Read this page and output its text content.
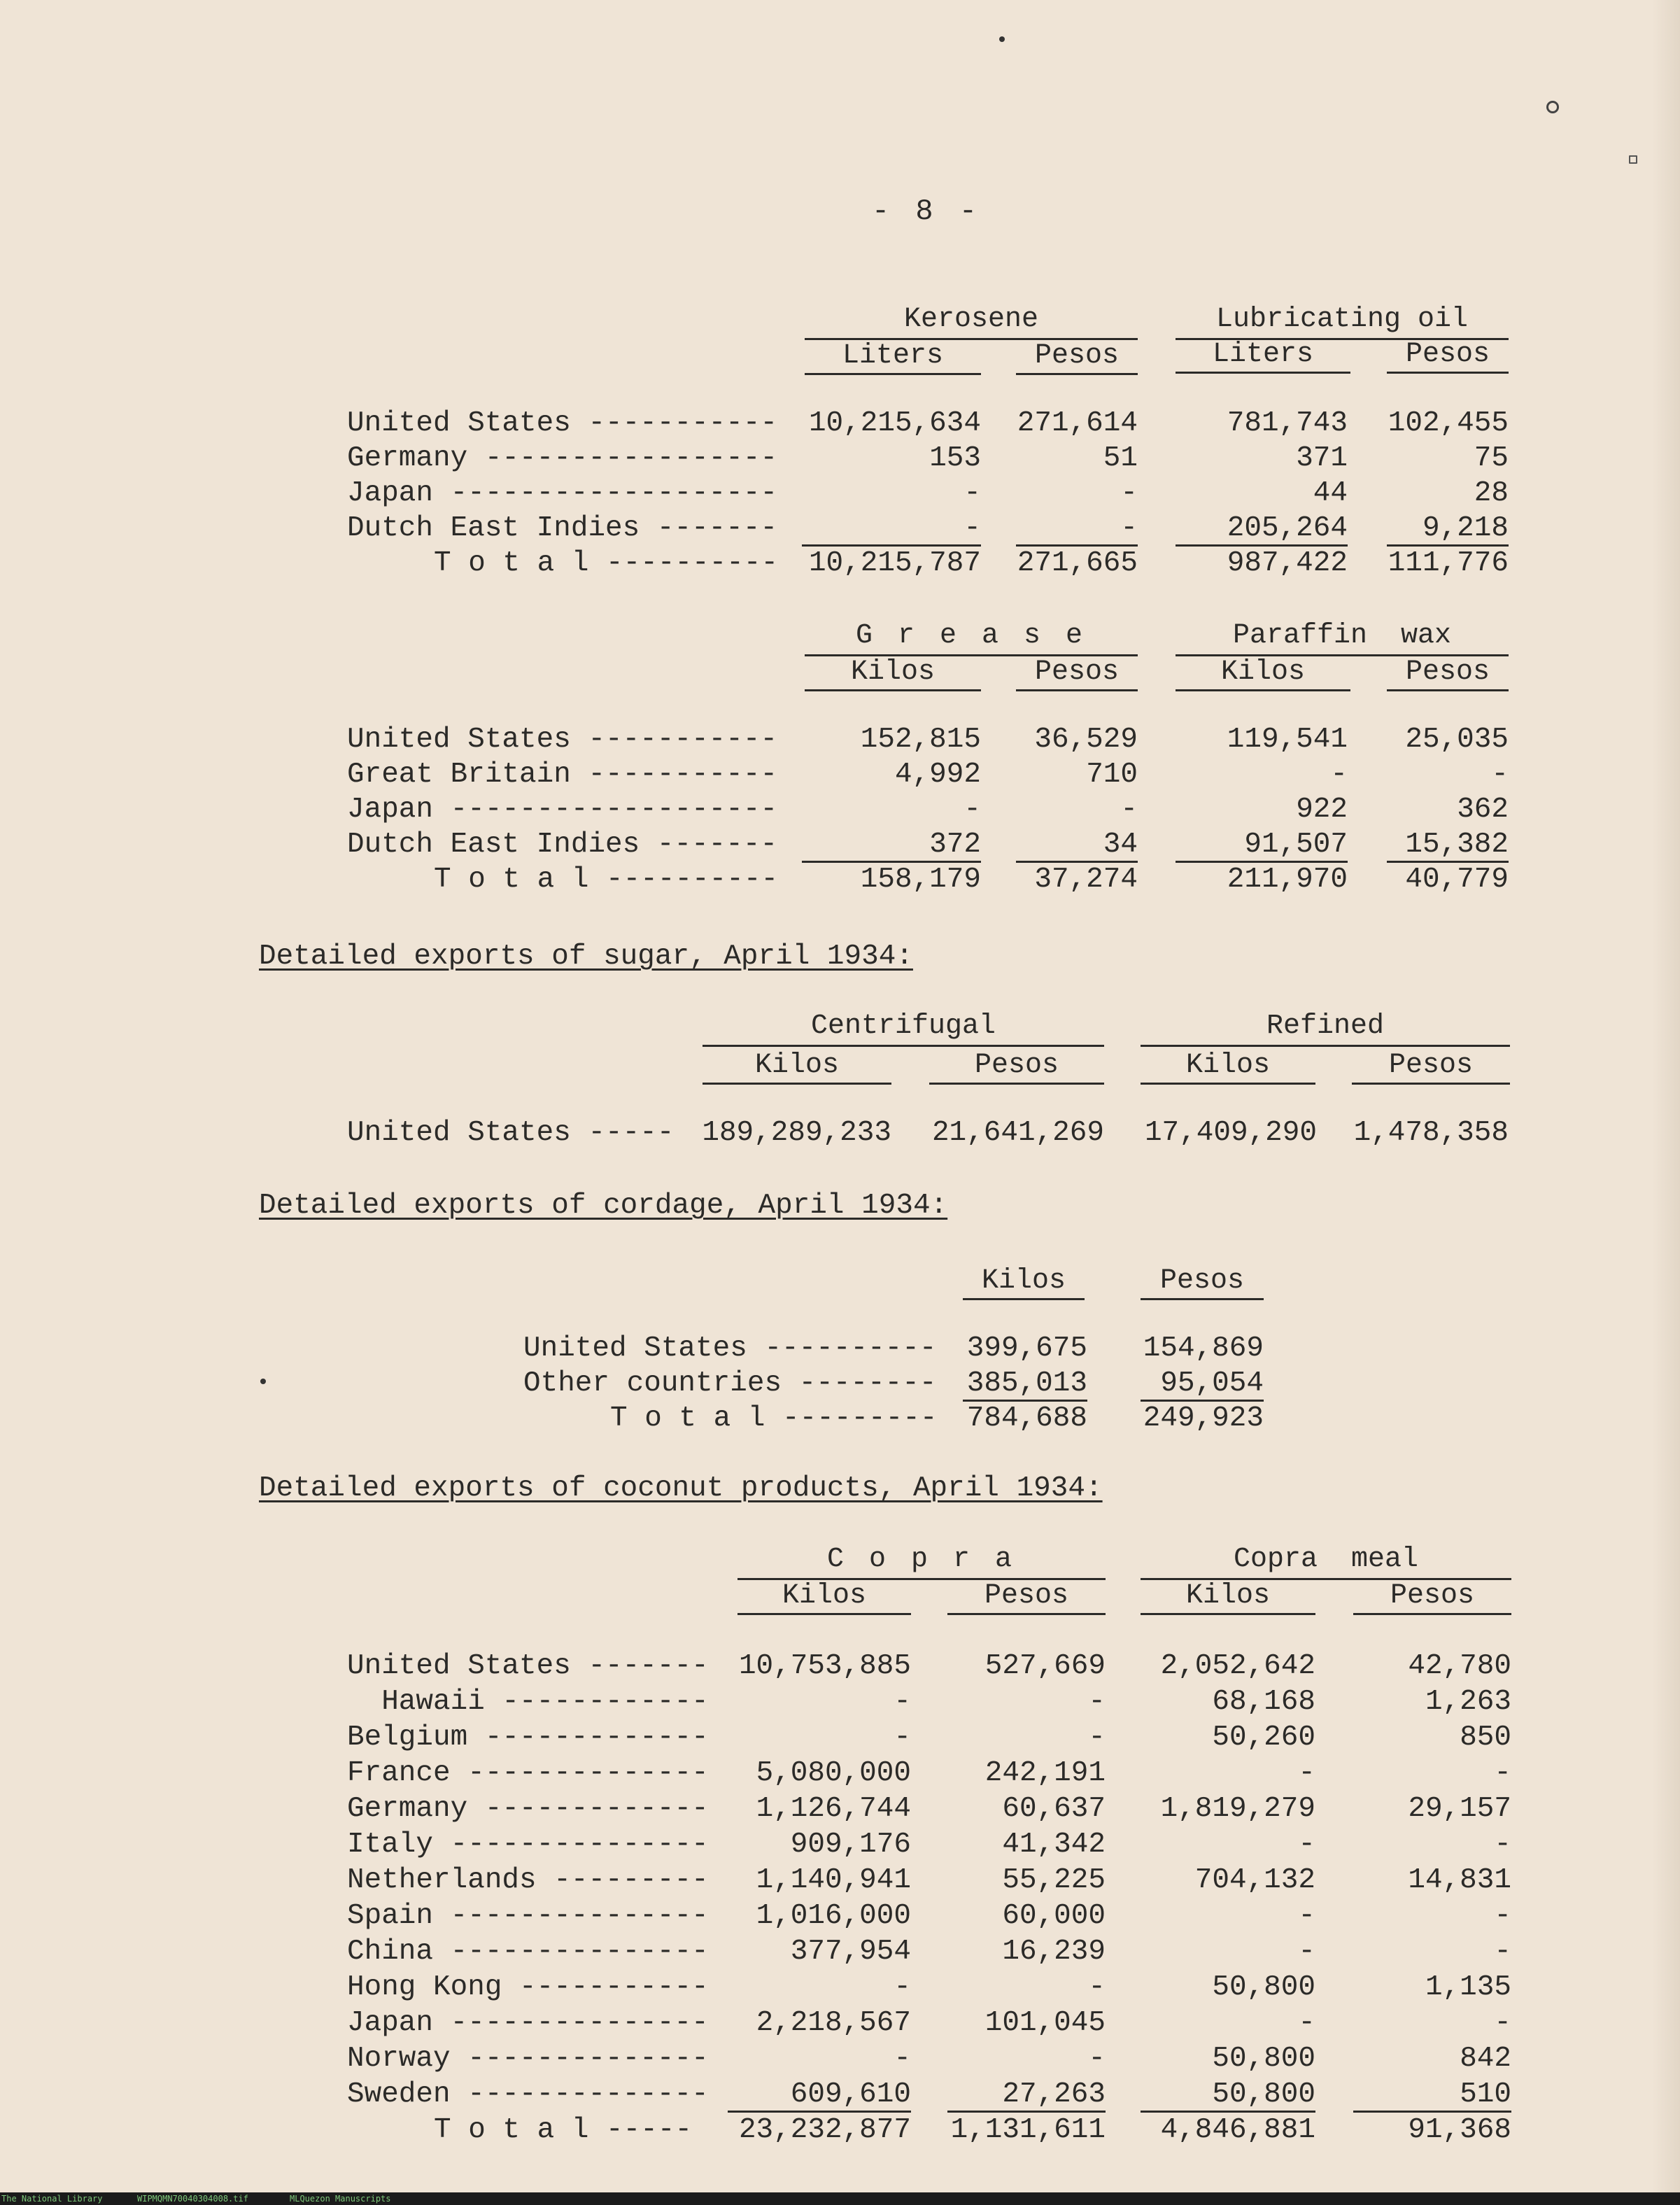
- 8 -
Kerosene	Lubricating oil
Liters	Pesos	Liters	Pesos
United States ----------- 10,215,634 271,614	781,743 102,455
Germany -----------------	153	51	371	75
Japan -------------------	-	-	44	28
Dutch East Indies -------	-	-	205,264	9,218
T o t a l ---------- 10,215,787 271,665	987,422 111,776
G r e a s e	Paraffin  wax
Kilos	Pesos	Kilos	Pesos
United States -----------	152,815	36,529	119,541	25,035
Great Britain -----------	4,992	710	-	-
Japan -------------------	-	-	922	362
Dutch East Indies -------	372	34	91,507	15,382
T o t a l ----------	158,179	37,274	211,970	40,779
Detailed exports of sugar, April 1934:
Centrifugal	Refined
Kilos	Pesos	Kilos	Pesos
United States ----- 189,289,233	21,641,269	17,409,290	1,478,358
Detailed exports of cordage, April 1934:
Kilos	Pesos
United States ---------- 399,675 154,869
Other countries -------- 385,013	95,054
T o t a l --------- 784,688 249,923
Detailed exports of coconut products, April 1934:
C o p r a	Copra  meal
Kilos	Pesos	Kilos	Pesos
United States -------	10,753,885	527,669	2,052,642	42,780
Hawaii ------------	-	-	68,168	1,263
Belgium -------------	-	-	50,260	850
France --------------	5,080,000	242,191	-	-
Germany -------------	1,126,744	60,637	1,819,279	29,157
Italy ---------------	909,176	41,342	-	-
Netherlands ---------	1,140,941	55,225	704,132	14,831
Spain ---------------	1,016,000	60,000	-	-
China ---------------	377,954	16,239	-	-
Hong Kong -----------	-	-	50,800	1,135
Japan ---------------	2,218,567	101,045	-	-
Norway --------------	-	-	50,800	842
Sweden --------------	609,610	27,263	50,800	510
T o t a l -----	23,232,877 1,131,611	4,846,881	91,368
The National Library	WIPMQMN70040304008.tif	MLQuezon Manuscripts
